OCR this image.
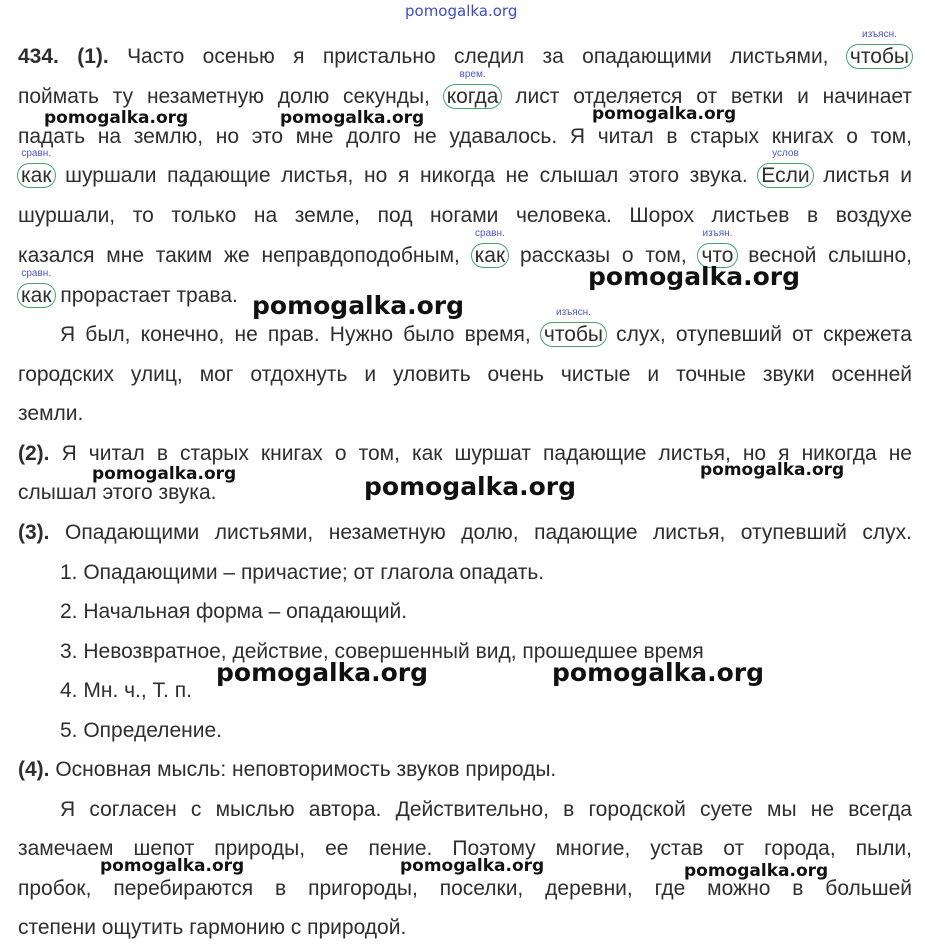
434. (1). Часто осенью я пристально следил за опадающими листьями,
изъясн.
чтобы
поймать ту незаметную долю секунды,
врем.
когда лист отделяется от ветки и начинает
падать на землю, но это мне долго не удавалось. Я читал в старых книгах о том,
сравн.
как шуршали падающие листья, но я никогда не слышал этого звука.
услов
Если листья и
шуршали, то только на земле, под ногами человека. Шорох листьев в воздухе
казался мне таким же неправдоподобным,
сравн.
как рассказы о том,
изъян.
что весной слышно,
сравн.
как прорастает трава.
Я был, конечно, не прав. Нужно было время,
изъясн.
чтобы слух, отупевший от скрежета
городских улиц, мог отдохнуть и уловить очень чистые и точные звуки осенней
земли.
(2). Я читал в старых книгах о том, как шуршат падающие листья, но я никогда не
слышал этого звука.
(3). Опадающими листьями, незаметную долю, падающие листья, отупевший слух.
1. Опадающими – причастие; от глагола опадать.
2. Начальная форма – опадающий.
3. Невозвратное, действие, совершенный вид, прошедшее время
4. Мн. ч., Т. п.
5. Определение.
(4). Основная мысль: неповторимость звуков природы.
Я согласен с мыслью автора. Действительно, в городской суете мы не всегда
замечаем шепот природы, ее пение. Поэтому многие, устав от города, пыли,
пробок, перебираются в пригороды, поселки, деревни, где можно в большей
степени ощутить гармонию с природой.
pomogalka.org
pomogalka.org	pomogalka.org	pomogalka.org
pomogalka.org
pomogalka.org
pomogalka.org	pomogalka.org
pomogalka.org
pomogalka.org	pomogalka.org
pomogalka.org	pomogalka.org	pomogalka.org
